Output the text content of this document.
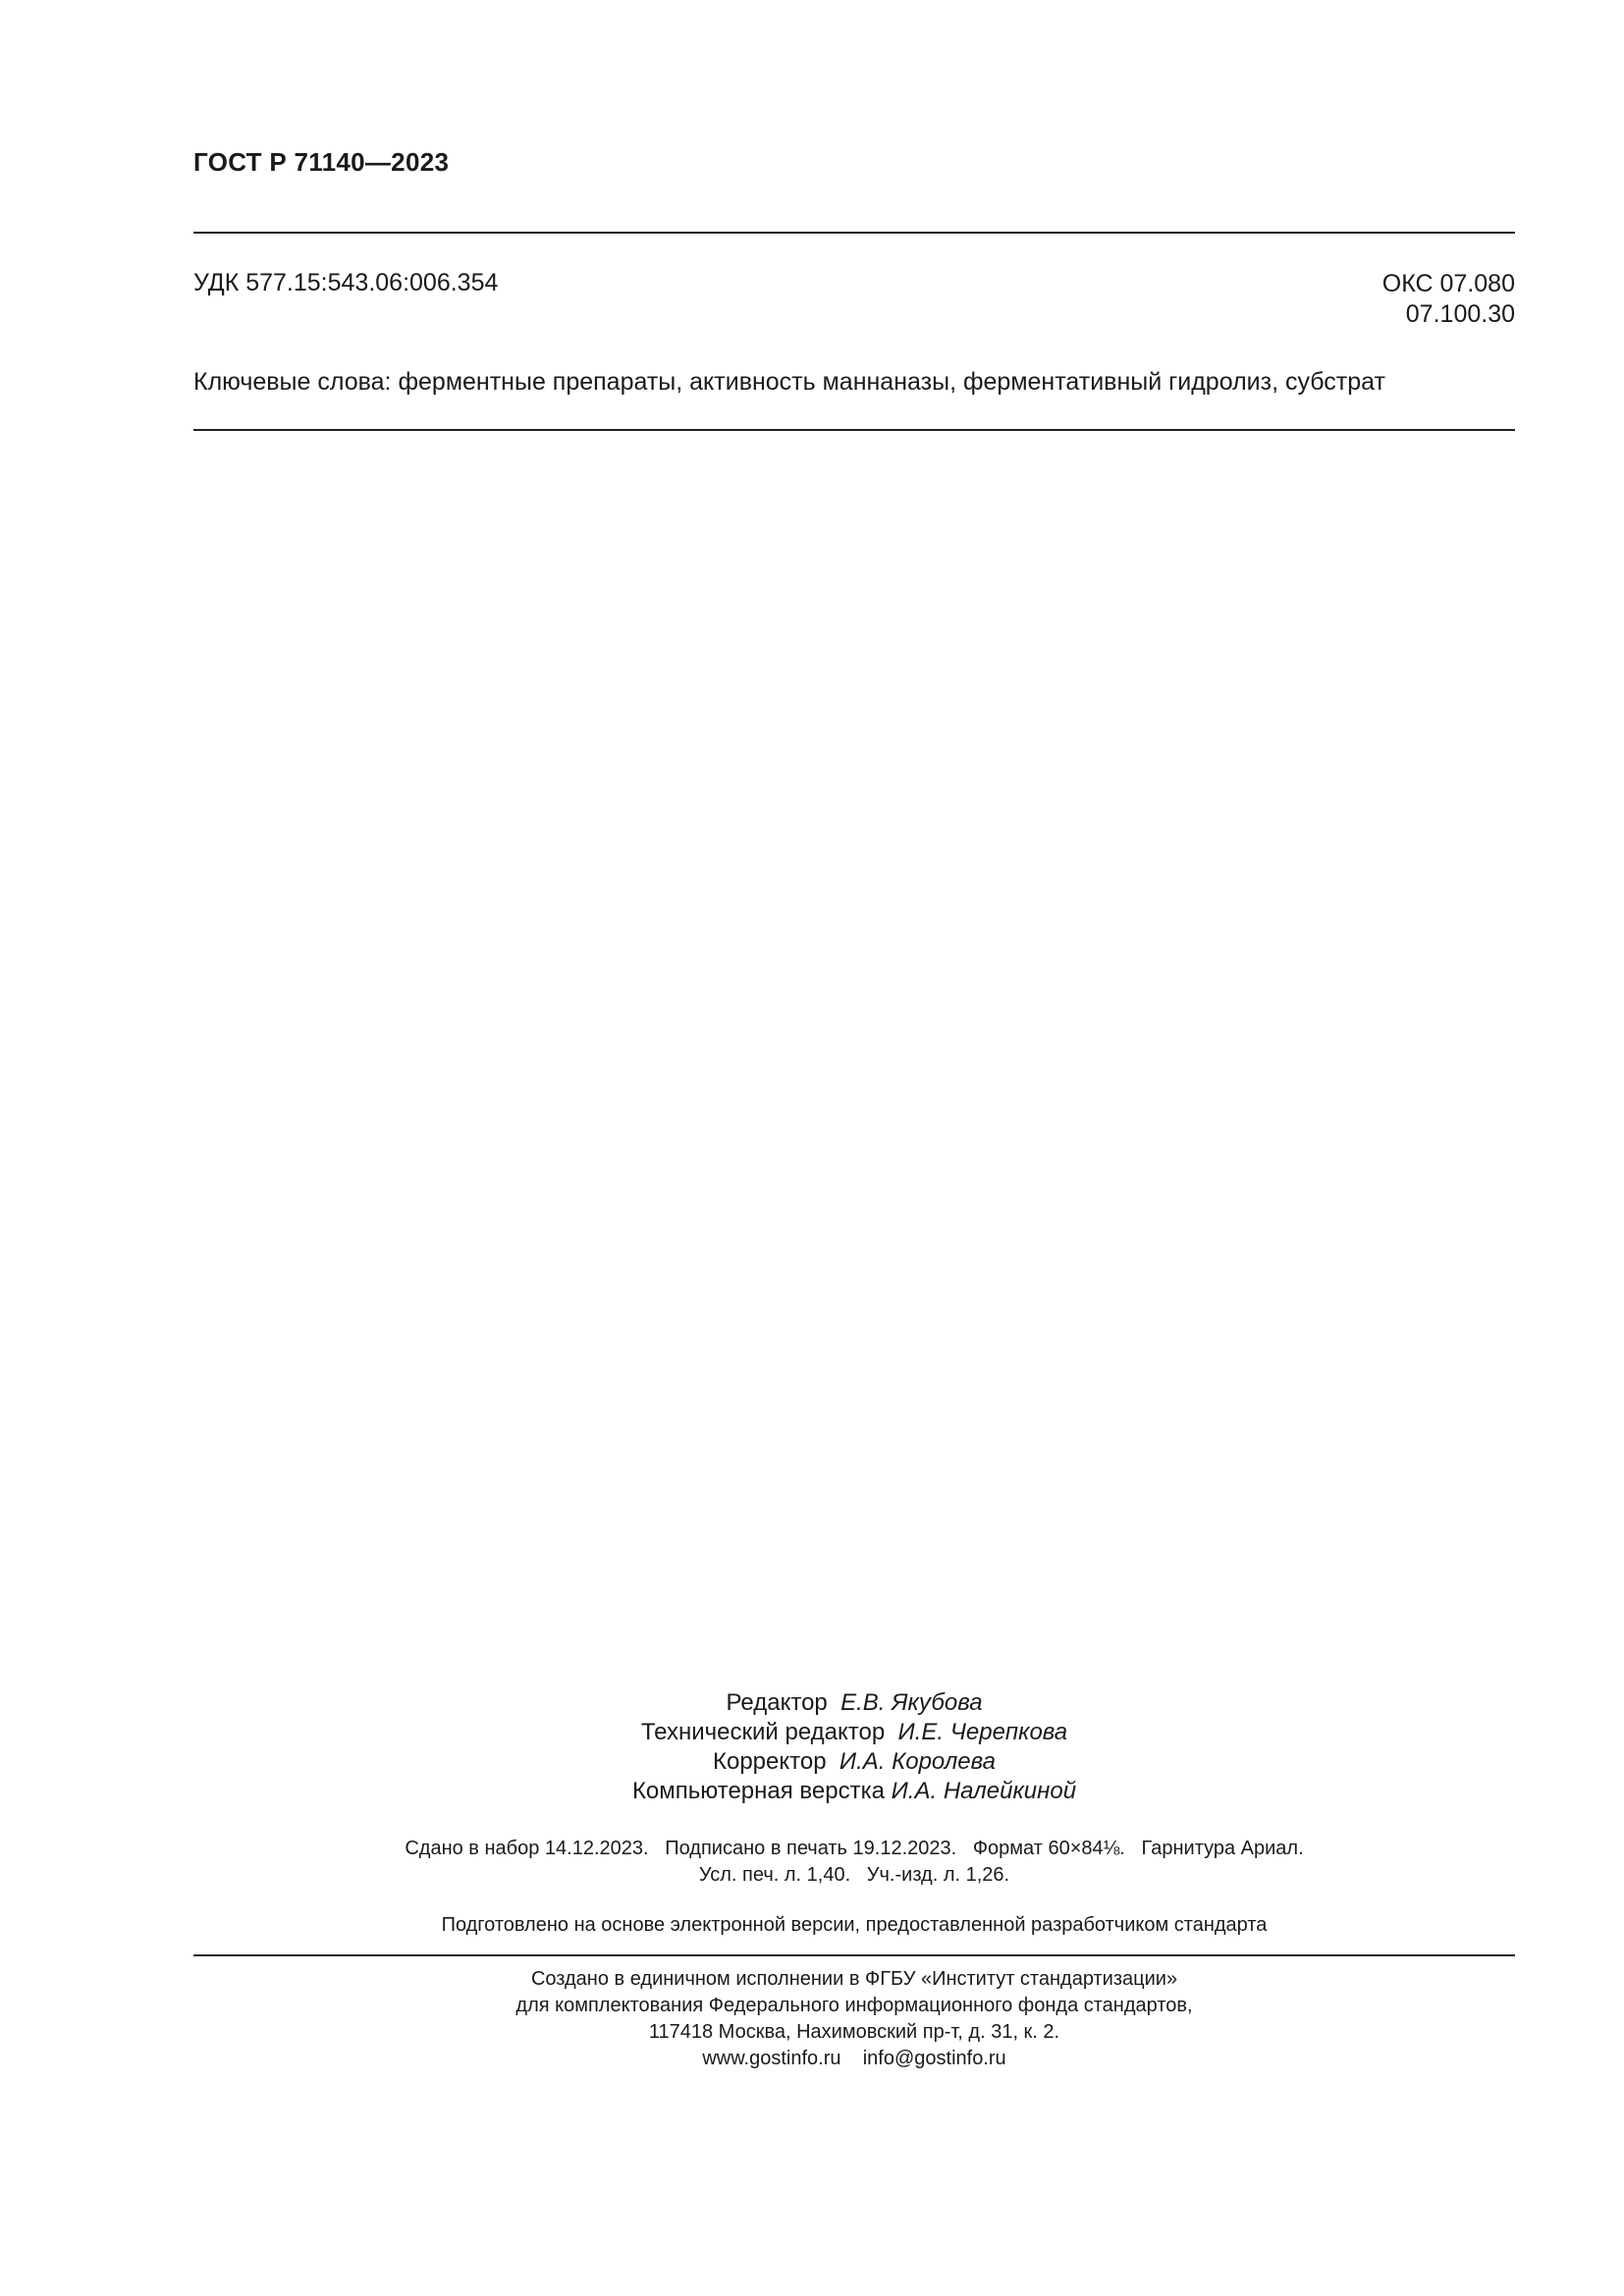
ГОСТ Р 71140—2023
УДК 577.15:543.06:006.354	ОКС 07.080
07.100.30
Ключевые слова: ферментные препараты, активность маннаназы, ферментативный гидролиз, субстрат
Редактор Е.В. Якубова
Технический редактор И.Е. Черепкова
Корректор И.А. Королева
Компьютерная верстка И.А. Налейкиной
Сдано в набор 14.12.2023.   Подписано в печать 19.12.2023.   Формат 60×84⅛.   Гарнитура Ариал.
Усл. печ. л. 1,40.   Уч.-изд. л. 1,26.
Подготовлено на основе электронной версии, предоставленной разработчиком стандарта
Создано в единичном исполнении в ФГБУ «Институт стандартизации»
для комплектования Федерального информационного фонда стандартов,
117418 Москва, Нахимовский пр-т, д. 31, к. 2.
www.gostinfo.ru info@gostinfo.ru
